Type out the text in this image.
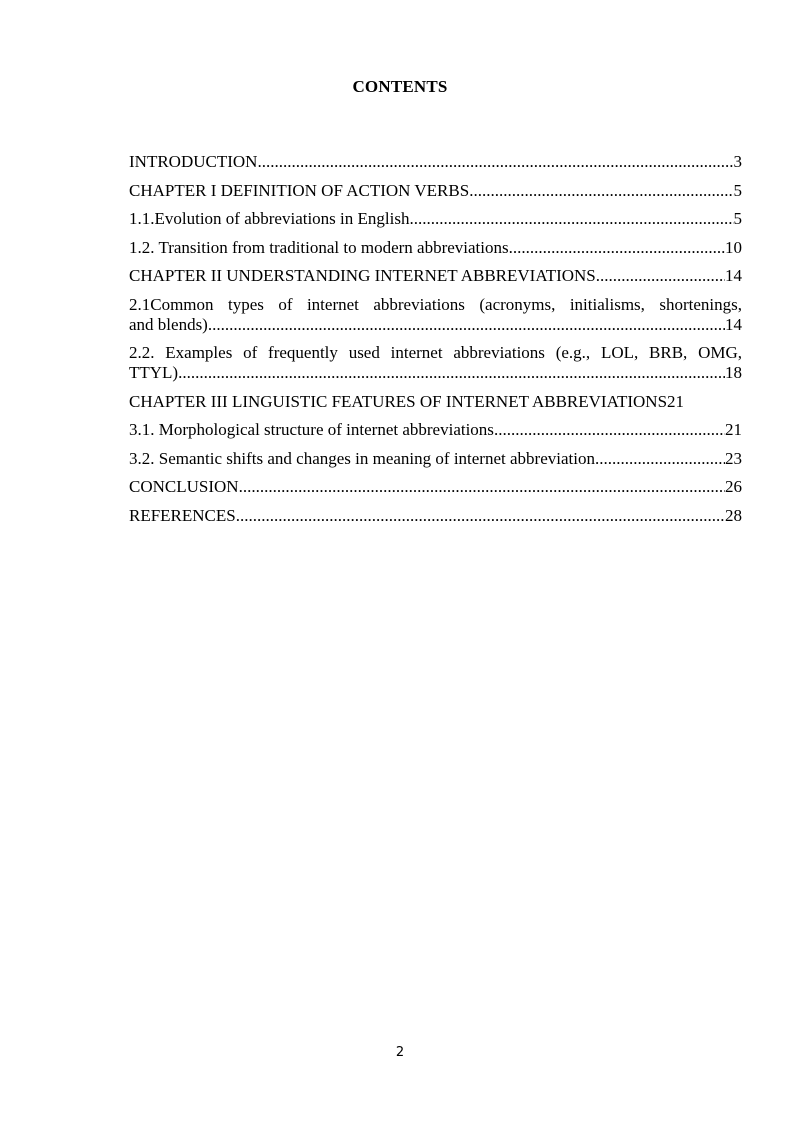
CONTENTS
INTRODUCTION .....	3
CHAPTER I DEFINITION OF ACTION VERBS .....	5
1.1.Evolution of abbreviations in English .....	5
1.2. Transition from traditional to modern abbreviations .....	10
CHAPTER II UNDERSTANDING INTERNET ABBREVIATIONS .....	14
2.1Common types of internet abbreviations (acronyms, initialisms, shortenings,
and blends) .....	14
2.2. Examples of frequently used internet abbreviations (e.g., LOL, BRB, OMG,
TTYL) .....	18
CHAPTER III LINGUISTIC FEATURES OF INTERNET ABBREVIATIONS 21
3.1. Morphological structure of internet abbreviations .....	21
3.2. Semantic shifts and changes in meaning of internet abbreviation .....	23
CONCLUSION .....	26
REFERENCES .....	28
2
